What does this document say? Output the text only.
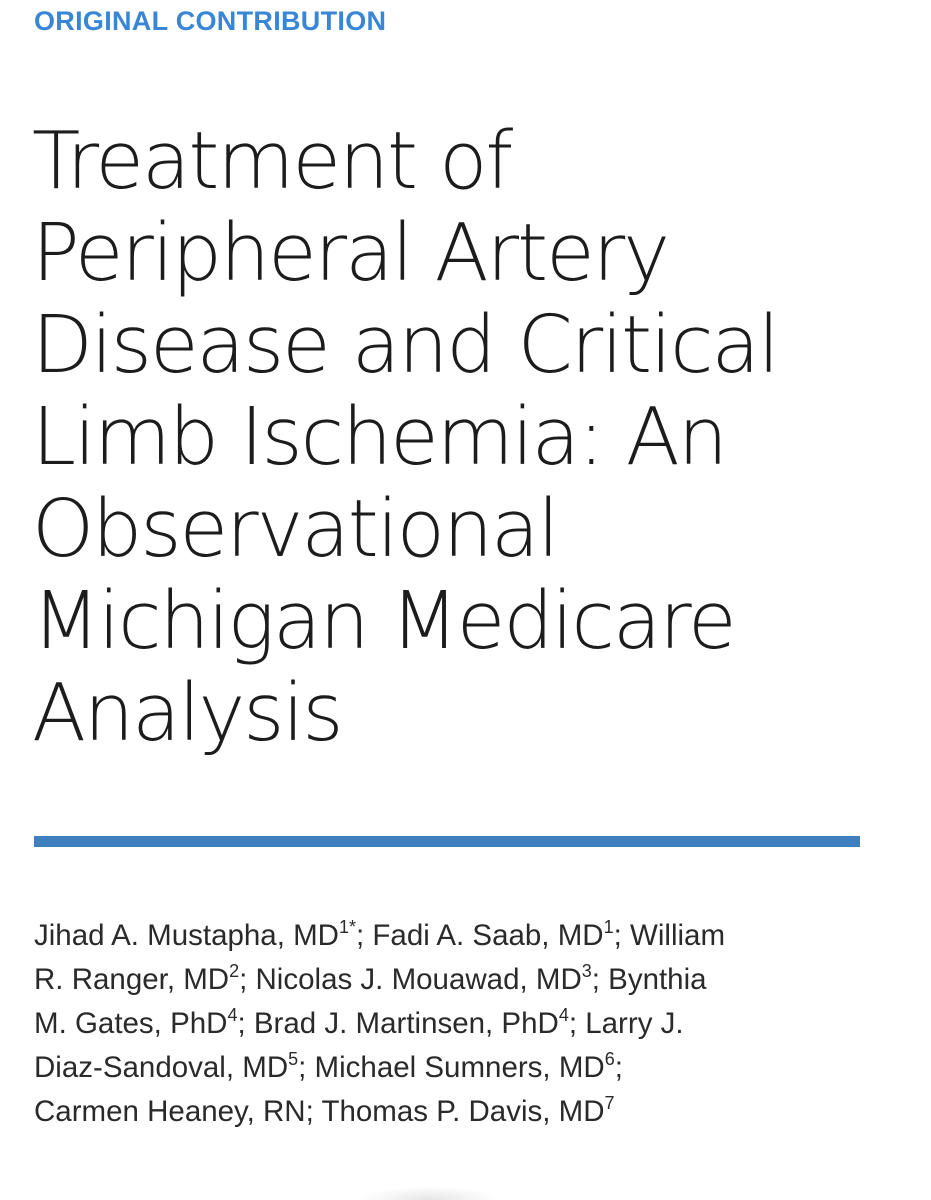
ORIGINAL CONTRIBUTION
Treatment of
Peripheral Artery
Disease and Critical
Limb Ischemia: An
Observational
Michigan Medicare
Analysis

Jihad A. Mustapha, $MD^{1*}$; Fadi A. Saab, $MD^1$; William
R. Ranger, $MD^2$; Nicolas J. Mouawad, $MD^3$; Bynthia
M. Gates, PhD$^4$; Brad J. Martinsen, PhD$^4$; Larry J.
Diaz-Sandoval, $MD^5$; Michael Sumners, $MD^6$;
Carmen Heaney, RN; Thomas P. Davis, $MD^7$
